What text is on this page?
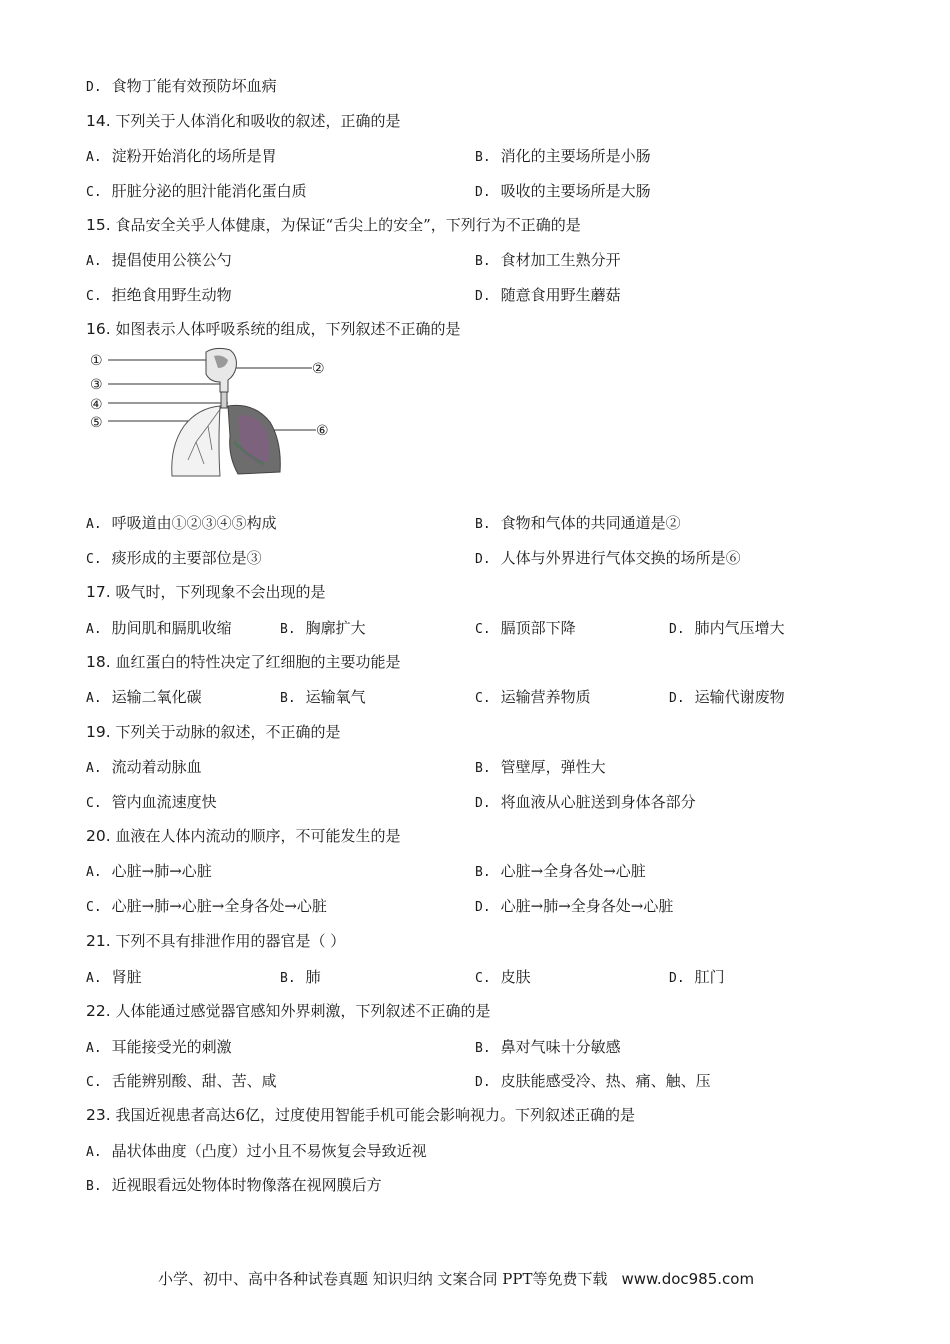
D. 食物丁能有效预防坏血病
14. 下列关于人体消化和吸收的叙述，正确的是
A. 淀粉开始消化的场所是胃	B. 消化的主要场所是小肠
C. 肝脏分泌的胆汁能消化蛋白质	D. 吸收的主要场所是大肠
15. 食品安全关乎人体健康，为保证“舌尖上的安全”，下列行为不正确的是
A. 提倡使用公筷公勺	B. 食材加工生熟分开
C. 拒绝食用野生动物	D. 随意食用野生蘑菇
16. 如图表示人体呼吸系统的组成，下列叙述不正确的是
①	②
③
④
⑤	⑥
A. 呼吸道由①②③④⑤构成	B. 食物和气体的共同通道是②
C. 痰形成的主要部位是③	D. 人体与外界进行气体交换的场所是⑥
17. 吸气时，下列现象不会出现的是
A. 肋间肌和膈肌收缩	B. 胸廓扩大	C. 膈顶部下降	D. 肺内气压增大
18. 血红蛋白的特性决定了红细胞的主要功能是
A. 运输二氧化碳	B. 运输氧气	C. 运输营养物质	D. 运输代谢废物
19. 下列关于动脉的叙述，不正确的是
A. 流动着动脉血	B. 管壁厚，弹性大
C. 管内血流速度快	D. 将血液从心脏送到身体各部分
20. 血液在人体内流动的顺序，不可能发生的是
A. 心脏→肺→心脏	B. 心脏→全身各处→心脏
C. 心脏→肺→心脏→全身各处→心脏	D. 心脏→肺→全身各处→心脏
21. 下列不具有排泄作用的器官是（ ）
A. 肾脏	B. 肺	C. 皮肤	D. 肛门
22. 人体能通过感觉器官感知外界刺激，下列叙述不正确的是
A. 耳能接受光的刺激	B. 鼻对气味十分敏感
C. 舌能辨别酸、甜、苦、咸	D. 皮肤能感受冷、热、痛、触、压
23. 我国近视患者高达6亿，过度使用智能手机可能会影响视力。下列叙述正确的是
A. 晶状体曲度（凸度）过小且不易恢复会导致近视
B. 近视眼看远处物体时物像落在视网膜后方
小学、初中、高中各种试卷真题 知识归纳 文案合同 PPT等免费下载 www.doc985.com
